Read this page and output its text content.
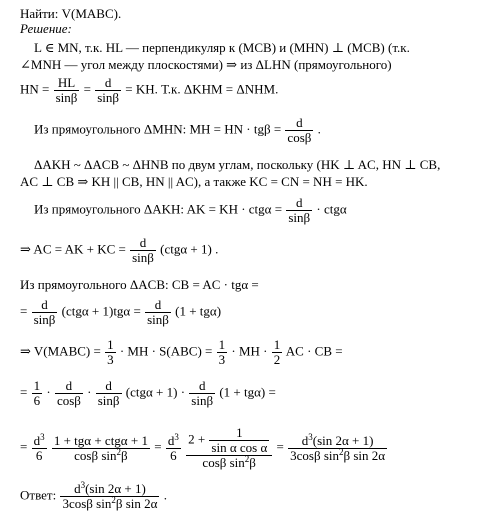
Найти: V(MABC).
Решение:
L ∈ MN, т.к. HL — перпендикуляр к (MCB) и (MHN) ⊥ (MCB) (т.к.
∠MNH — угол между плоскостями) ⇒ из ΔLHN (прямоугольного)
HN = $\frac{HL}{\sin\beta} = \frac{d}{\sin\beta}$ = KH. Т.к. ΔKHM = ΔNHM.
Из прямоугольного ΔMHN: MH = HN · $tg\beta = \frac{d}{\cos\beta}$ .
ΔAKH ~ ΔACB ~ ΔHNB по двум углам, поскольку (HK ⊥ AC, HN ⊥ CB,
AC ⊥ CB ⇒ KH || CB, HN || AC), а также KC = CN = NH = HK.
Из прямоугольного ΔAKH: AK = KH · $ctg\alpha = \frac{d}{\sin\beta} \cdot ctg\alpha$
⇒ AC = AK + KC = $\frac{d}{\sin\beta} (ctg\alpha + 1)$ .
Из прямоугольного ΔACB: CB = AC · tgα =
= $\frac{d}{\sin\beta} (ctg\alpha + 1)tg\alpha = \frac{d}{\sin\beta} (1 + tg\alpha)$
⇒ V(MABC) = $\frac{1}{3}$ · MH · $S(ABC) = \frac{1}{3}$ · MH · $\frac{1}{2}$ AC · CB =
= $\frac{1}{6} \cdot \frac{d}{\cos\beta} \cdot \frac{d}{\sin\beta} (ctg\alpha + 1) \cdot \frac{d}{\sin\beta} (1 + tg\alpha)$ =
= $\frac{d^3}{6}$
1 + tgα + ctgα + 1
cosβ $\sin^2\beta$
= $\frac{d^3}{6}$
$\frac{2 + \frac{1}{\text{sin α cos α}}}{\cos\beta \sin^2\beta} = \frac{d^3(\sin 2\alpha + 1)}{3\cos\beta \sin^2\beta \sin 2\alpha}$
Ответ: $\frac{d^3(\sin 2\alpha + 1)}{3\cos\beta \sin^2\beta \sin 2\alpha}$ .
